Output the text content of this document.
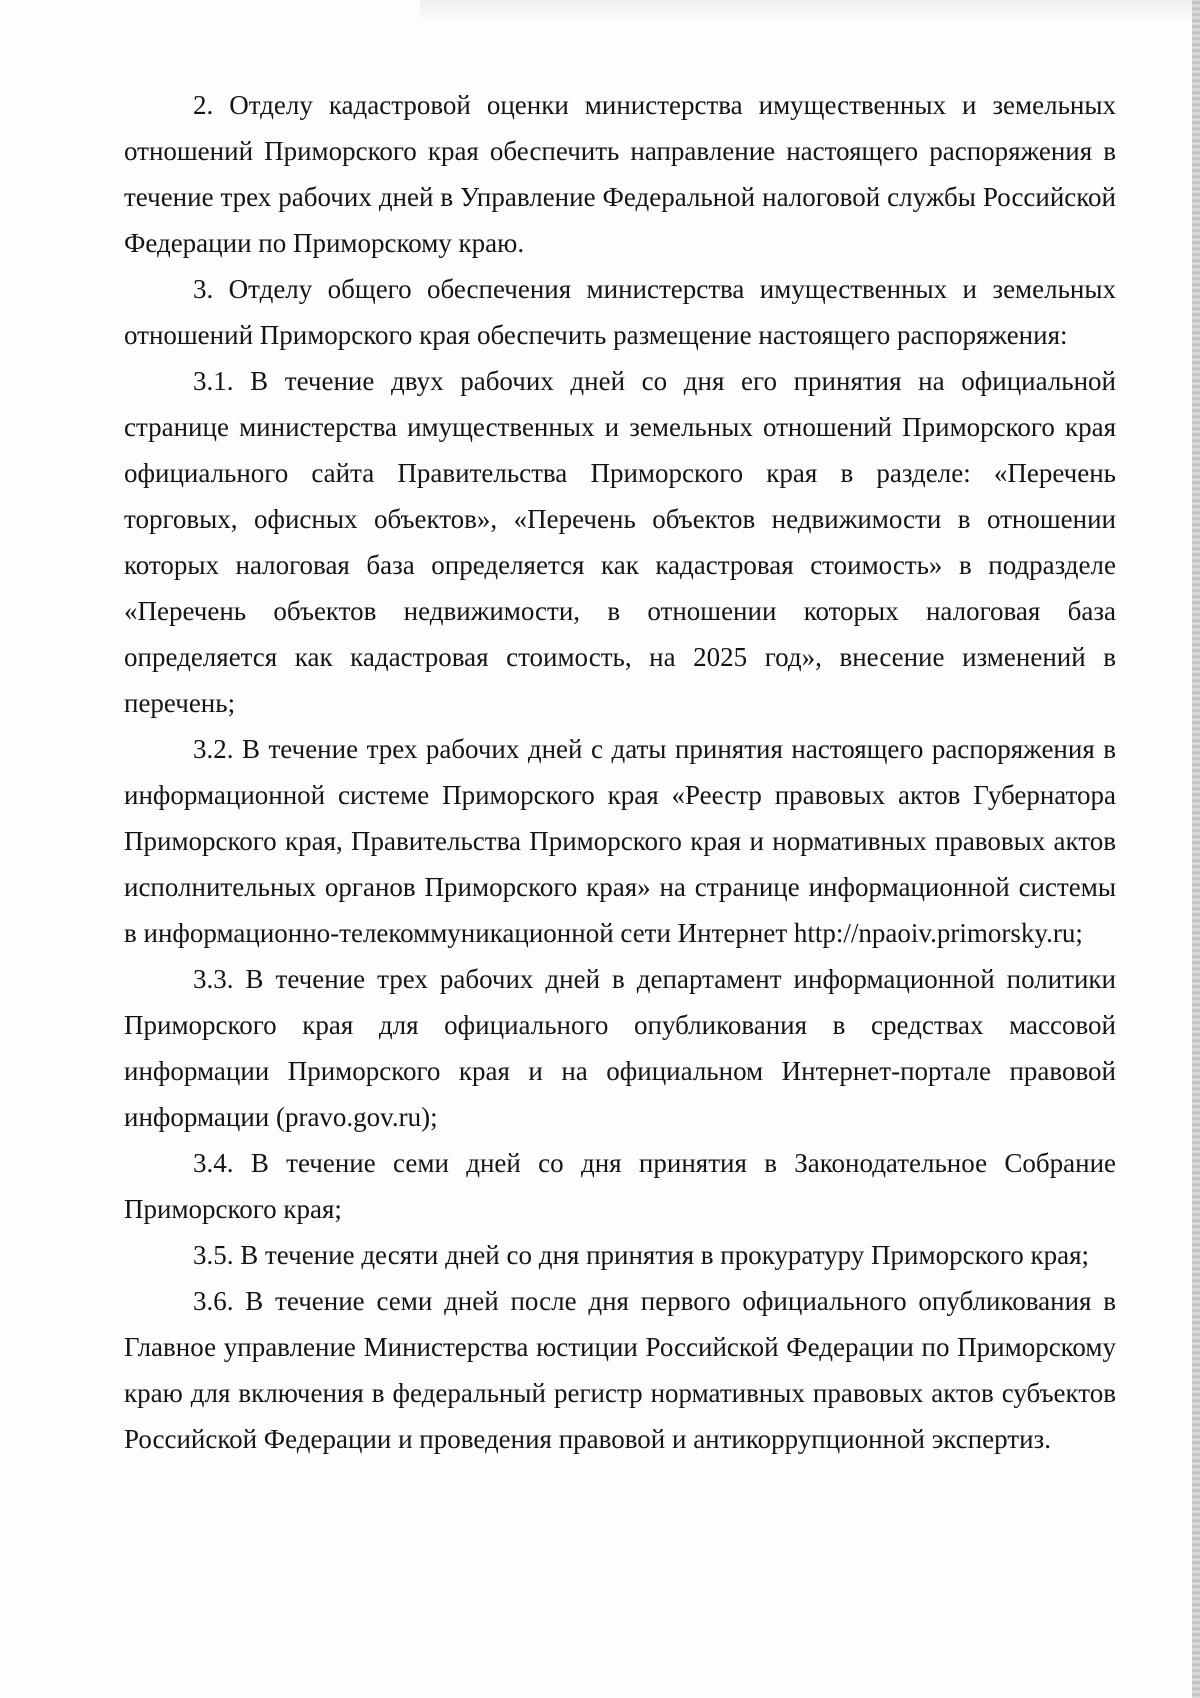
2. Отделу кадастровой оценки министерства имущественных и земельных отношений Приморского края обеспечить направление настоящего распоряжения в течение трех рабочих дней в Управление Федеральной налоговой службы Российской Федерации по Приморскому краю.

3. Отделу общего обеспечения министерства имущественных и земельных отношений Приморского края обеспечить размещение настоящего распоряжения:

3.1. В течение двух рабочих дней со дня его принятия на официальной странице министерства имущественных и земельных отношений Приморского края официального сайта Правительства Приморского края в разделе: «Перечень торговых, офисных объектов», «Перечень объектов недвижимости в отношении которых налоговая база определяется как кадастровая стоимость» в подразделе «Перечень объектов недвижимости, в отношении которых налоговая база определяется как кадастровая стоимость, на 2025 год», внесение изменений в перечень;

3.2. В течение трех рабочих дней с даты принятия настоящего распоряжения в информационной системе Приморского края «Реестр правовых актов Губернатора Приморского края, Правительства Приморского края и нормативных правовых актов исполнительных органов Приморского края» на странице информационной системы в информационно-телекоммуникационной сети Интернет http://npaoiv.primorsky.ru;

3.3. В течение трех рабочих дней в департамент информационной политики Приморского края для официального опубликования в средствах массовой информации Приморского края и на официальном Интернет-портале правовой информации (pravo.gov.ru);

3.4. В течение семи дней со дня принятия в Законодательное Собрание Приморского края;

3.5. В течение десяти дней со дня принятия в прокуратуру Приморского края;

3.6. В течение семи дней после дня первого официального опубликования в Главное управление Министерства юстиции Российской Федерации по Приморскому краю для включения в федеральный регистр нормативных правовых актов субъектов Российской Федерации и проведения правовой и антикоррупционной экспертиз.
